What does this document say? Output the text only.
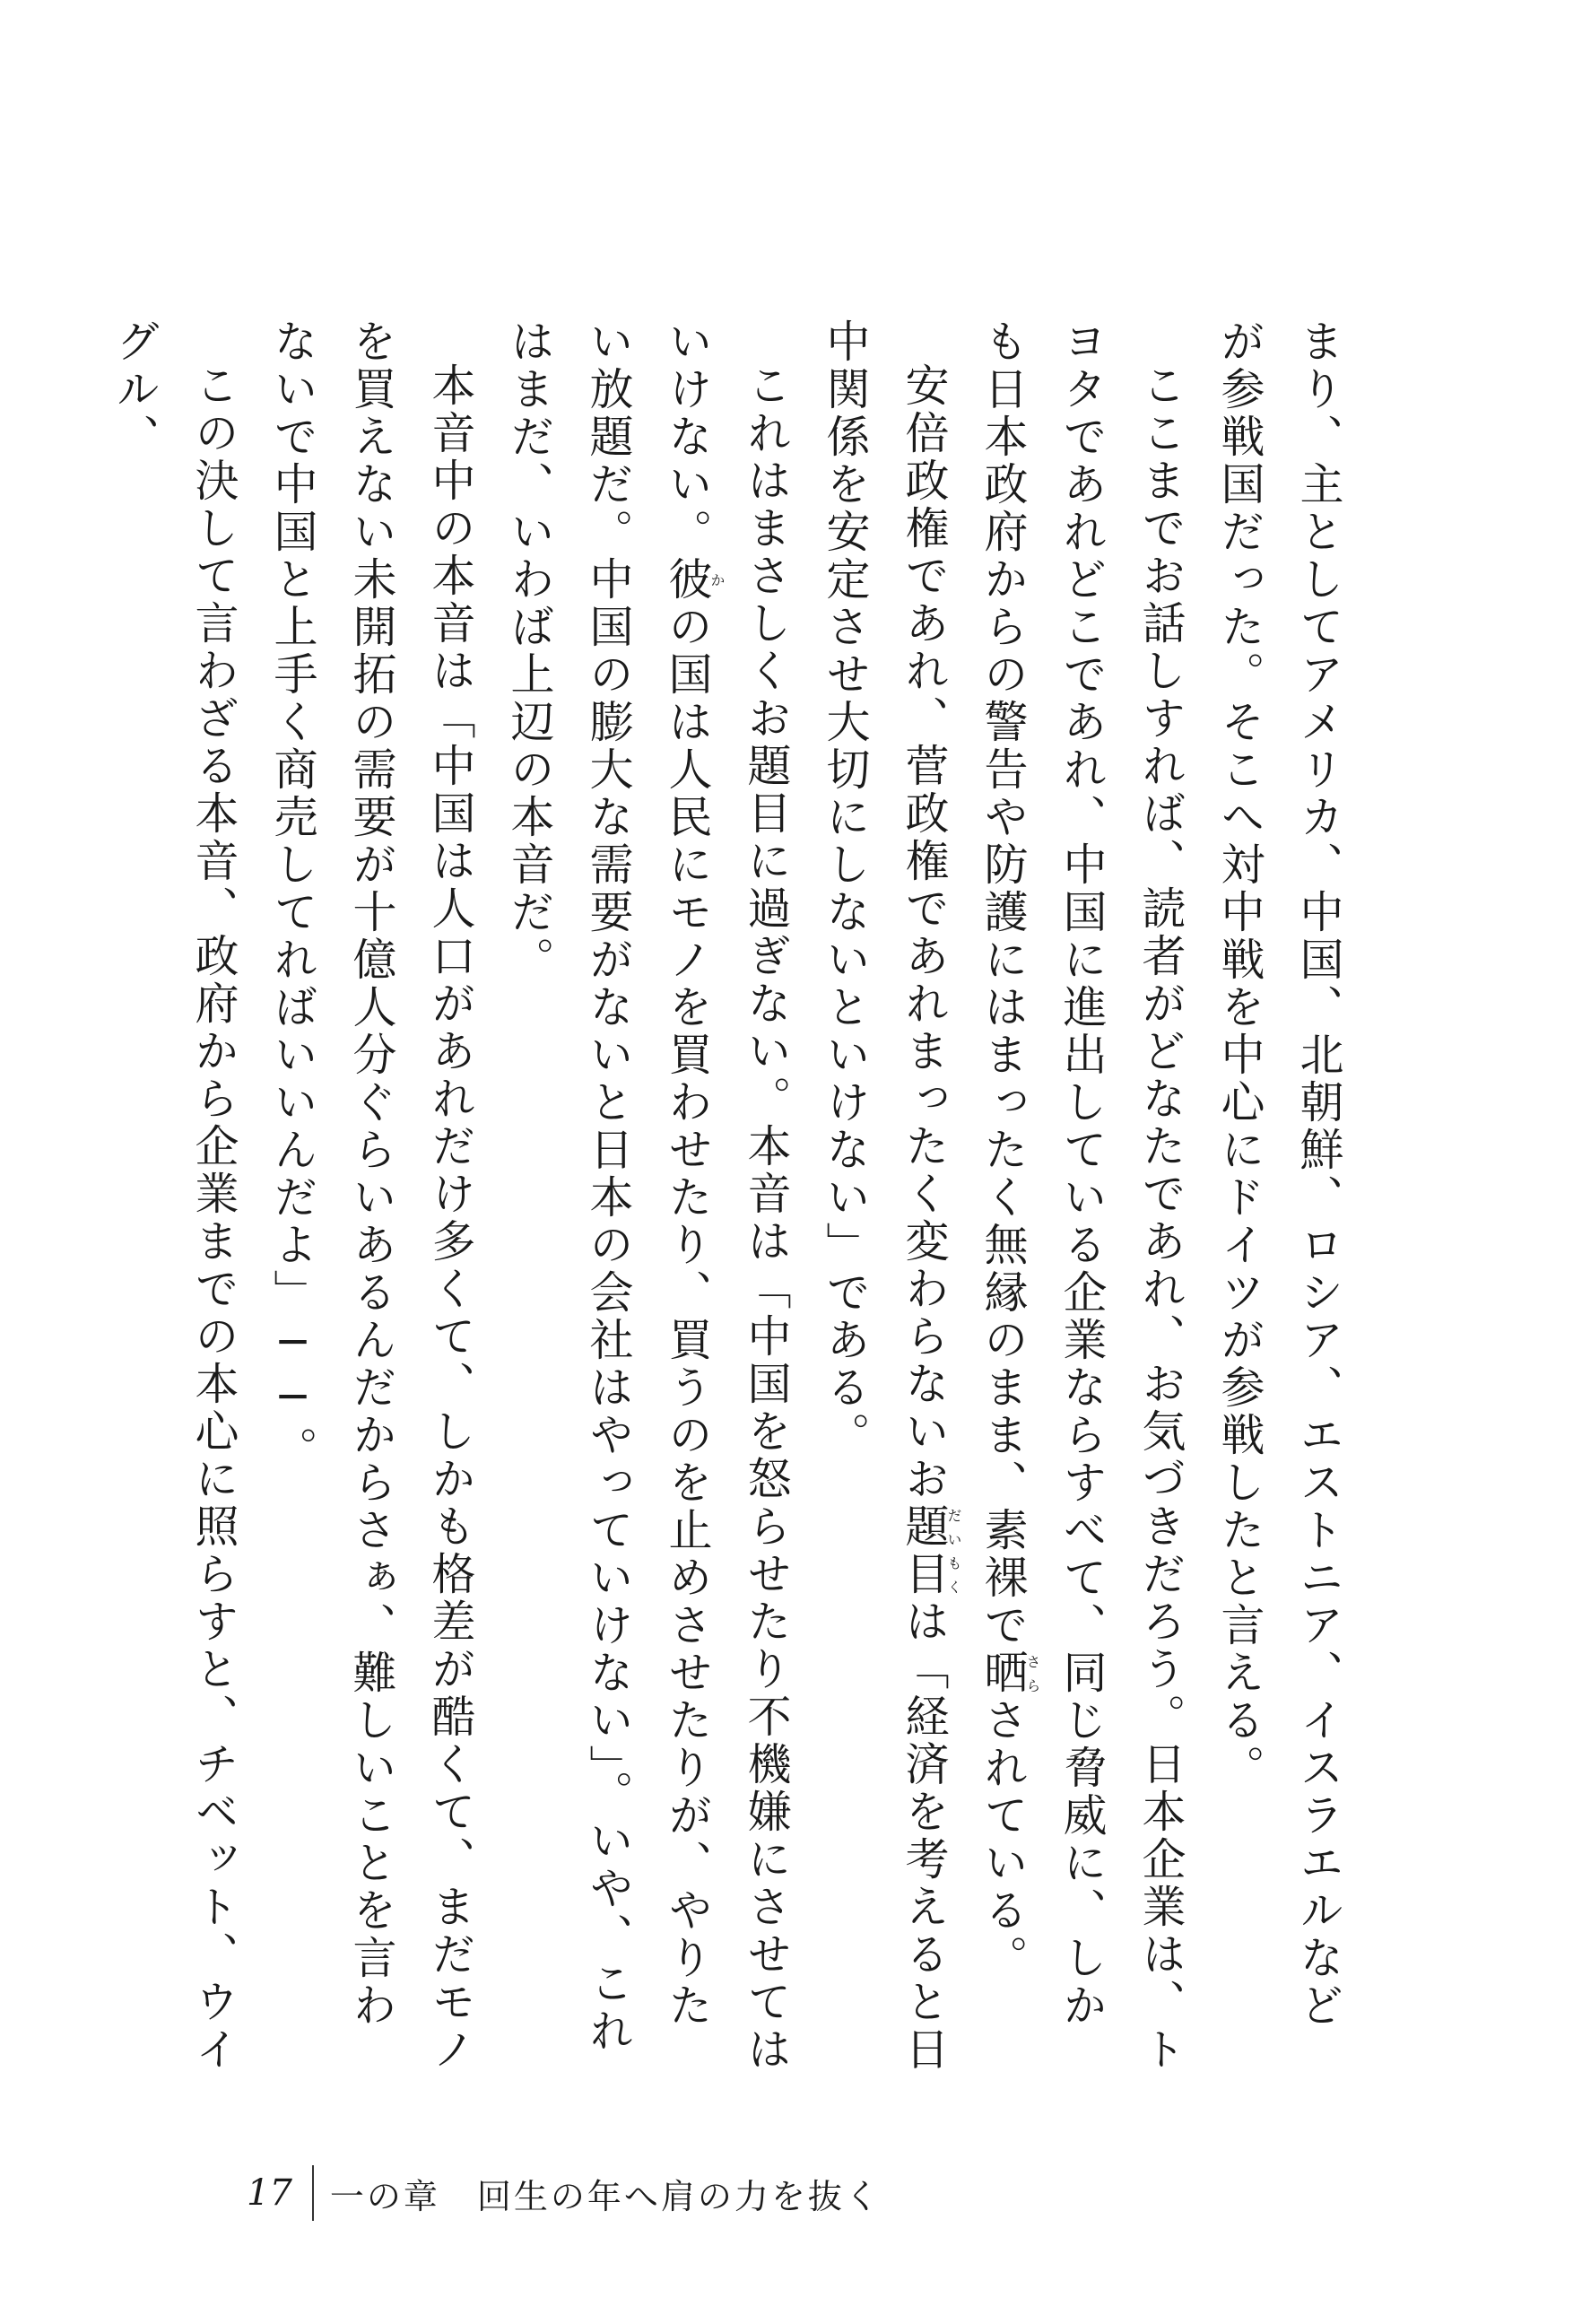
まり、主としてアメリカ、中国、北朝鮮、ロシア、エストニア、イスラエルなどが参戦国だった。そこへ対中戦を中心にドイツが参戦したと言える。

ここまでお話しすれば、読者がどなたであれ、お気づきだろう。日本企業は、トヨタであれどこであれ、中国に進出している企業ならすべて、同じ脅威に、しかも日本政府からの警告や防護にはまったく無縁のまま、素裸で晒さらされている。

安倍政権であれ、菅政権であれまったく変わらないお題目だいもくは「経済を考えると日中関係を安定させ大切にしないといけない」である。

これはまさしくお題目に過ぎない。本音は「中国を怒らせたり不機嫌にさせてはいけない。彼かの国は人民にモノを買わせたり、買うのを止めさせたりが、やりたい放題だ。中国の膨大な需要がないと日本の会社はやっていけない」。いや、これはまだ、いわば上辺の本音だ。

本音中の本音は「中国は人口があれだけ多くて、しかも格差が酷くて、まだモノを買えない未開拓の需要が十億人分ぐらいあるんだからさぁ、難しいことを言わないで中国と上手く商売してればいいんだよ」──。

この決して言わざる本音、政府から企業までの本心に照らすと、チベット、ウイグル、

17 一の章　回生の年へ肩の力を抜く
